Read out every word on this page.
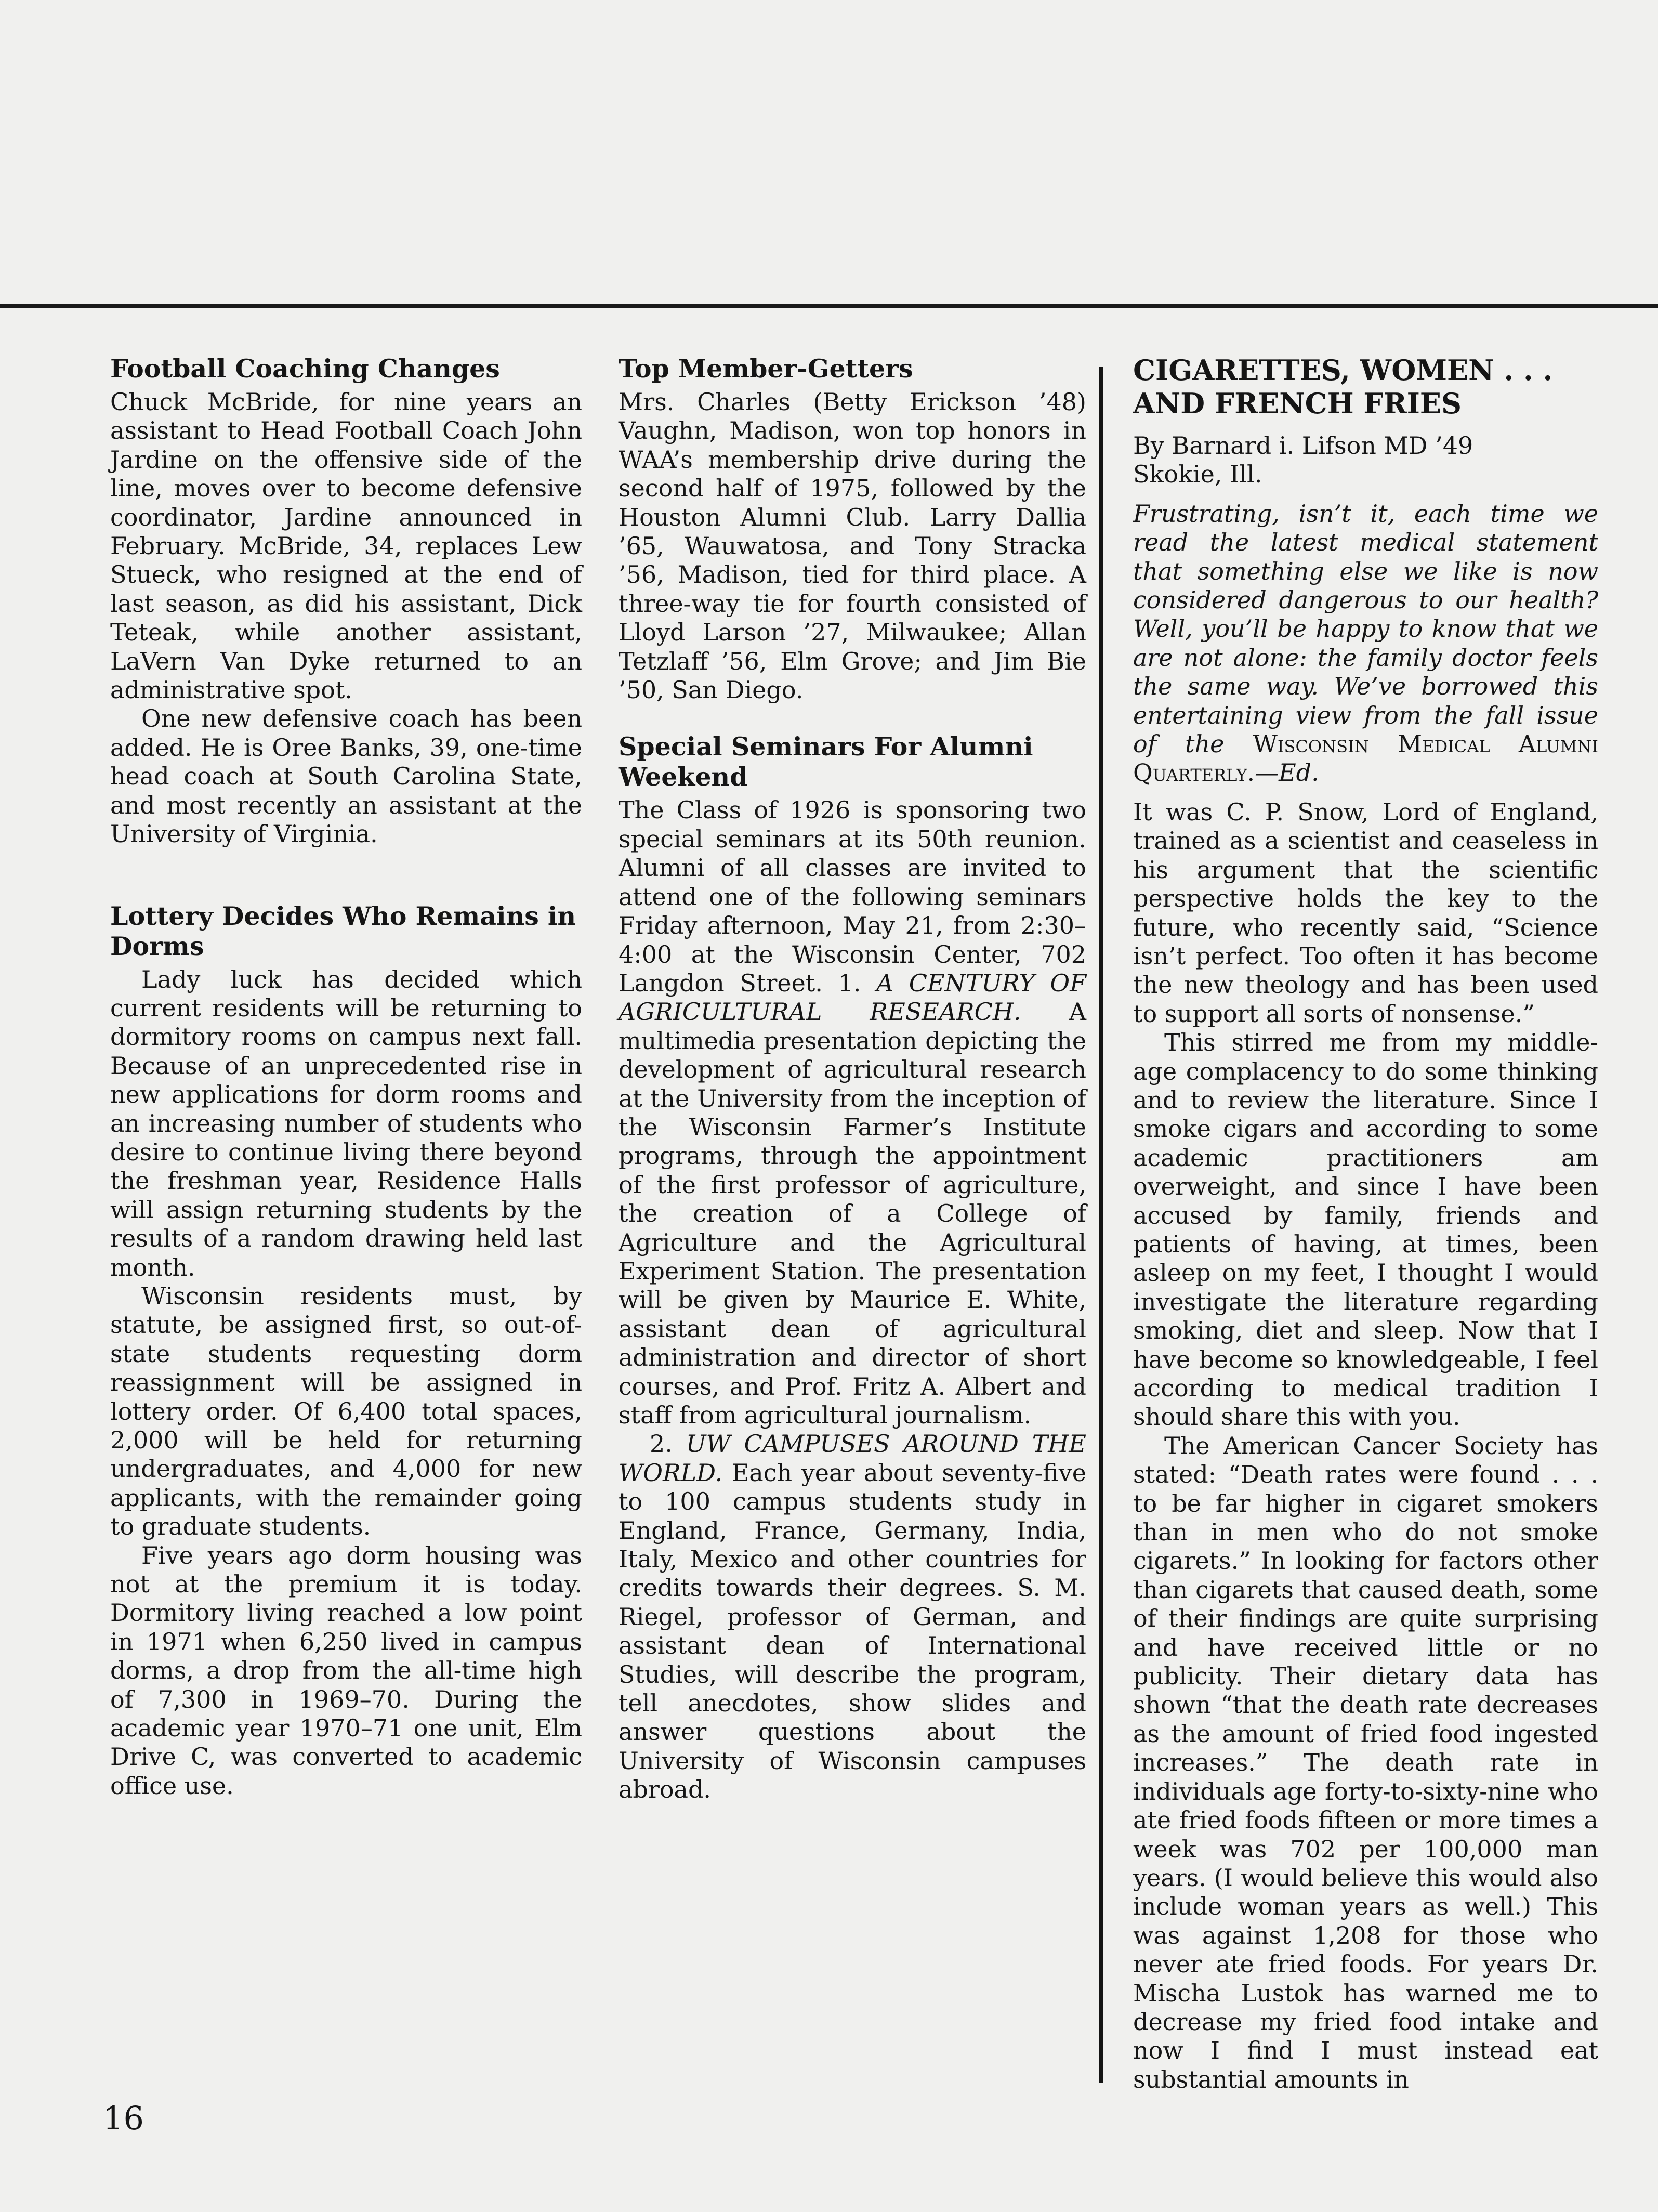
Football Coaching Changes

Chuck McBride, for nine years an assistant to Head Football Coach John Jardine on the offensive side of the line, moves over to become defensive coordinator, Jardine announced in February. McBride, 34, replaces Lew Stueck, who resigned at the end of last season, as did his assistant, Dick Teteak, while another assistant, LaVern Van Dyke returned to an administrative spot.

One new defensive coach has been added. He is Oree Banks, 39, one-time head coach at South Carolina State, and most recently an assistant at the University of Virginia.

Lottery Decides Who Remains in Dorms

Lady luck has decided which current residents will be returning to dormitory rooms on campus next fall. Because of an unprecedented rise in new applications for dorm rooms and an increasing number of students who desire to continue living there beyond the freshman year, Residence Halls will assign returning students by the results of a random drawing held last month.

Wisconsin residents must, by statute, be assigned first, so out-of-state students requesting dorm reassignment will be assigned in lottery order. Of 6,400 total spaces, 2,000 will be held for returning undergraduates, and 4,000 for new applicants, with the remainder going to graduate students.

Five years ago dorm housing was not at the premium it is today. Dormitory living reached a low point in 1971 when 6,250 lived in campus dorms, a drop from the all-time high of 7,300 in 1969–70. During the academic year 1970–71 one unit, Elm Drive C, was converted to academic office use.

Top Member-Getters

Mrs. Charles (Betty Erickson ’48) Vaughn, Madison, won top honors in WAA’s membership drive during the second half of 1975, followed by the Houston Alumni Club. Larry Dallia ’65, Wauwatosa, and Tony Stracka ’56, Madison, tied for third place. A three-way tie for fourth consisted of Lloyd Larson ’27, Milwaukee; Allan Tetzlaff ’56, Elm Grove; and Jim Bie ’50, San Diego.

Special Seminars For Alumni Weekend

The Class of 1926 is sponsoring two special seminars at its 50th reunion. Alumni of all classes are invited to attend one of the following seminars Friday afternoon, May 21, from 2:30–4:00 at the Wisconsin Center, 702 Langdon Street. 1. A CENTURY OF AGRICULTURAL RESEARCH. A multimedia presentation depicting the development of agricultural research at the University from the inception of the Wisconsin Farmer’s Institute programs, through the appointment of the first professor of agriculture, the creation of a College of Agriculture and the Agricultural Experiment Station. The presentation will be given by Maurice E. White, assistant dean of agricultural administration and director of short courses, and Prof. Fritz A. Albert and staff from agricultural journalism.

2. UW CAMPUSES AROUND THE WORLD. Each year about seventy-five to 100 campus students study in England, France, Germany, India, Italy, Mexico and other countries for credits towards their degrees. S. M. Riegel, professor of German, and assistant dean of International Studies, will describe the program, tell anecdotes, show slides and answer questions about the University of Wisconsin campuses abroad.

CIGARETTES, WOMEN . . .
AND FRENCH FRIES

By Barnard i. Lifson MD ’49
Skokie, Ill.

Frustrating, isn’t it, each time we read the latest medical statement that something else we like is now considered dangerous to our health? Well, you’ll be happy to know that we are not alone: the family doctor feels the same way. We’ve borrowed this entertaining view from the fall issue of the Wisconsin Medical Alumni Quarterly.—Ed.

It was C. P. Snow, Lord of England, trained as a scientist and ceaseless in his argument that the scientific perspective holds the key to the future, who recently said, “Science isn’t perfect. Too often it has become the new theology and has been used to support all sorts of nonsense.”

This stirred me from my middle-age complacency to do some thinking and to review the literature. Since I smoke cigars and according to some academic practitioners am overweight, and since I have been accused by family, friends and patients of having, at times, been asleep on my feet, I thought I would investigate the literature regarding smoking, diet and sleep. Now that I have become so knowledgeable, I feel according to medical tradition I should share this with you.

The American Cancer Society has stated: “Death rates were found . . . to be far higher in cigaret smokers than in men who do not smoke cigarets.” In looking for factors other than cigarets that caused death, some of their findings are quite surprising and have received little or no publicity. Their dietary data has shown “that the death rate decreases as the amount of fried food ingested increases.” The death rate in individuals age forty-to-sixty-nine who ate fried foods fifteen or more times a week was 702 per 100,000 man years. (I would believe this would also include woman years as well.) This was against 1,208 for those who never ate fried foods. For years Dr. Mischa Lustok has warned me to decrease my fried food intake and now I find I must instead eat substantial amounts in

16
